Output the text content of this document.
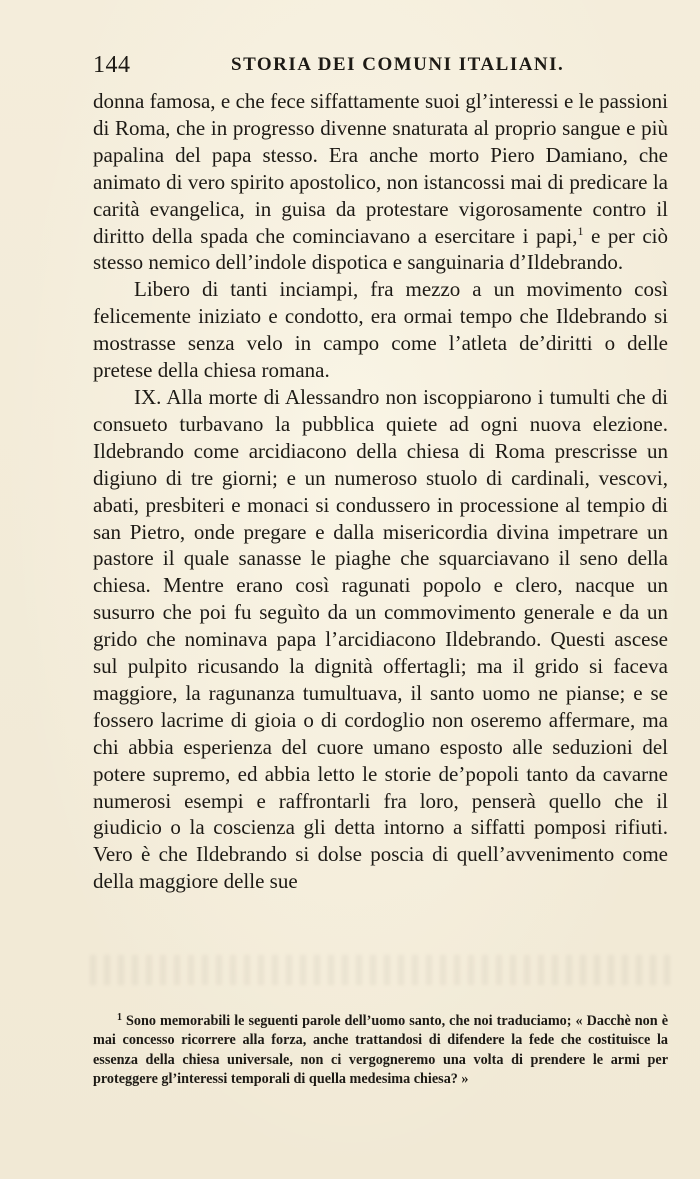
144	STORIA DEI COMUNI ITALIANI.

donna famosa, e che fece siffattamente suoi gl’interessi e le passioni di Roma, che in progresso divenne snaturata al proprio sangue e più papalina del papa stesso. Era anche morto Piero Damiano, che animato di vero spirito apostolico, non istancossi mai di predicare la carità evangelica, in guisa da protestare vigorosamente contro il diritto della spada che cominciavano a esercitare i papi,$^1$ e per ciò stesso nemico dell’indole dispotica e sanguinaria d’Ildebrando.

Libero di tanti inciampi, fra mezzo a un movimento così felicemente iniziato e condotto, era ormai tempo che Ildebrando si mostrasse senza velo in campo come l’atleta de’diritti o delle pretese della chiesa romana.

IX. Alla morte di Alessandro non iscoppiarono i tumulti che di consueto turbavano la pubblica quiete ad ogni nuova elezione. Ildebrando come arcidiacono della chiesa di Roma prescrisse un digiuno di tre giorni; e un numeroso stuolo di cardinali, vescovi, abati, presbiteri e monaci si condussero in processione al tempio di san Pietro, onde pregare e dalla misericordia divina impetrare un pastore il quale sanasse le piaghe che squarciavano il seno della chiesa. Mentre erano così ragunati popolo e clero, nacque un susurro che poi fu seguìto da un commovimento generale e da un grido che nominava papa l’arcidiacono Ildebrando. Questi ascese sul pulpito ricusando la dignità offertagli; ma il grido si faceva maggiore, la ragunanza tumultuava, il santo uomo ne pianse; e se fossero lacrime di gioia o di cordoglio non oseremo affermare, ma chi abbia esperienza del cuore umano esposto alle seduzioni del potere supremo, ed abbia letto le storie de’popoli tanto da cavarne numerosi esempi e raffrontarli fra loro, penserà quello che il giudicio o la coscienza gli detta intorno a siffatti pomposi rifiuti. Vero è che Ildebrando si dolse poscia di quell’avvenimento come della maggiore delle sue

$^1$ Sono memorabili le seguenti parole dell’uomo santo, che noi traduciamo; « Dacchè non è mai concesso ricorrere alla forza, anche trattandosi di difendere la fede che costituisce la essenza della chiesa universale, non ci vergogneremo una volta di prendere le armi per proteggere gl’interessi temporali di quella medesima chiesa? »
